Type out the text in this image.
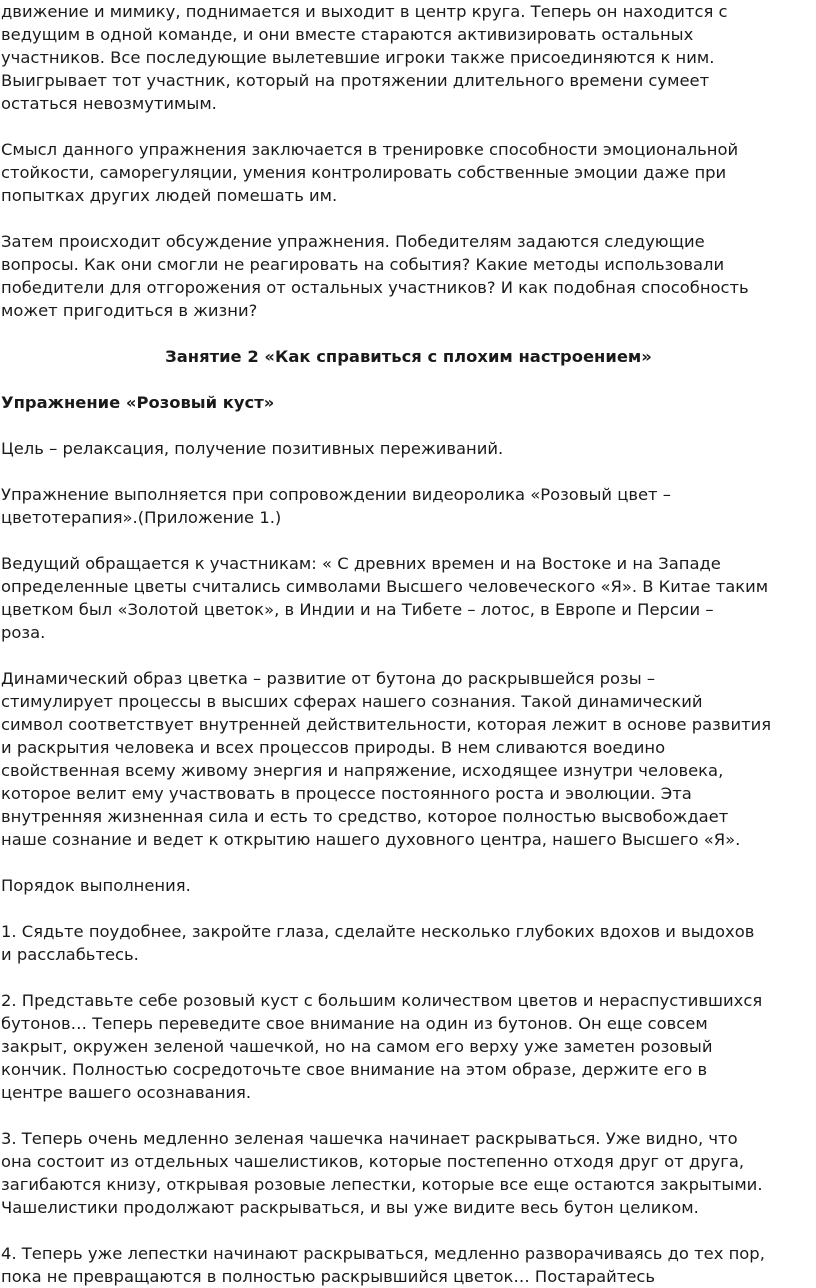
движение и мимику, поднимается и выходит в центр круга. Теперь он находится с
ведущим в одной команде, и они вместе стараются активизировать остальных
участников. Все последующие вылетевшие игроки также присоединяются к ним.
Выигрывает тот участник, который на протяжении длительного времени сумеет
остаться невозмутимым.
Смысл данного упражнения заключается в тренировке способности эмоциональной
стойкости, саморегуляции, умения контролировать собственные эмоции даже при
попытках других людей помешать им.
Затем происходит обсуждение упражнения. Победителям задаются следующие
вопросы. Как они смогли не реагировать на события? Какие методы использовали
победители для отгорожения от остальных участников? И как подобная способность
может пригодиться в жизни?
Занятие 2 «Как справиться с плохим настроением»
Упражнение «Розовый куст»
Цель – релаксация, получение позитивных переживаний.
Упражнение выполняется при сопровождении видеоролика «Розовый цвет –
цветотерапия».(Приложение 1.)
Ведущий обращается к участникам: « С древних времен и на Востоке и на Западе
определенные цветы считались символами Высшего человеческого «Я». В Китае таким
цветком был «Золотой цветок», в Индии и на Тибете – лотос, в Европе и Персии –
роза.
Динамический образ цветка – развитие от бутона до раскрывшейся розы –
стимулирует процессы в высших сферах нашего сознания. Такой динамический
символ соответствует внутренней действительности, которая лежит в основе развития
и раскрытия человека и всех процессов природы. В нем сливаются воедино
свойственная всему живому энергия и напряжение, исходящее изнутри человека,
которое велит ему участвовать в процессе постоянного роста и эволюции. Эта
внутренняя жизненная сила и есть то средство, которое полностью высвобождает
наше сознание и ведет к открытию нашего духовного центра, нашего Высшего «Я».
Порядок выполнения.
1. Сядьте поудобнее, закройте глаза, сделайте несколько глубоких вдохов и выдохов
и расслабьтесь.
2. Представьте себе розовый куст с большим количеством цветов и нераспустившихся
бутонов… Теперь переведите свое внимание на один из бутонов. Он еще совсем
закрыт, окружен зеленой чашечкой, но на самом его верху уже заметен розовый
кончик. Полностью сосредоточьте свое внимание на этом образе, держите его в
центре вашего осознавания.
3. Теперь очень медленно зеленая чашечка начинает раскрываться. Уже видно, что
она состоит из отдельных чашелистиков, которые постепенно отходя друг от друга,
загибаются книзу, открывая розовые лепестки, которые все еще остаются закрытыми.
Чашелистики продолжают раскрываться, и вы уже видите весь бутон целиком.
4. Теперь уже лепестки начинают раскрываться, медленно разворачиваясь до тех пор,
пока не превращаются в полностью раскрывшийся цветок… Постарайтесь
